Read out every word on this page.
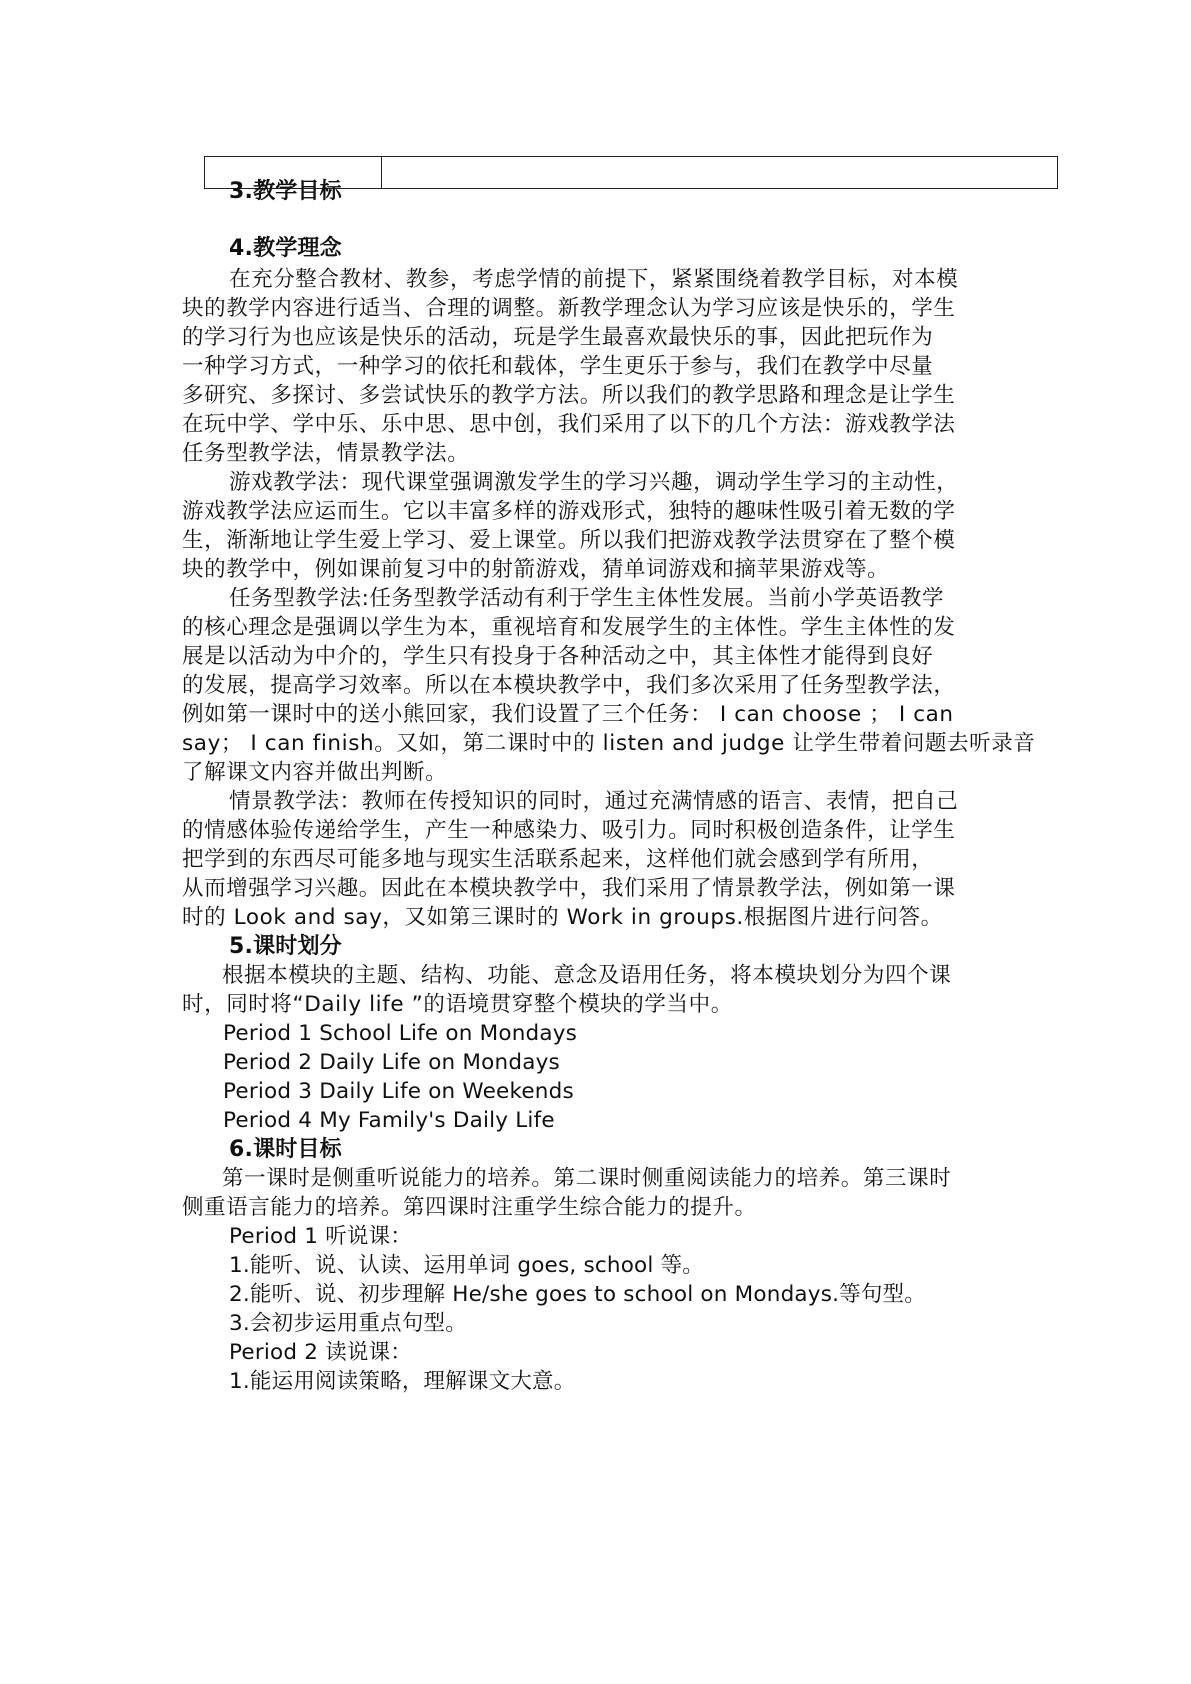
3.教学目标
4.教学理念
在充分整合教材、教参，考虑学情的前提下，紧紧围绕着教学目标，对本模
块的教学内容进行适当、合理的调整。新教学理念认为学习应该是快乐的，学生
的学习行为也应该是快乐的活动，玩是学生最喜欢最快乐的事，因此把玩作为
一种学习方式，一种学习的依托和载体，学生更乐于参与，我们在教学中尽量
多研究、多探讨、多尝试快乐的教学方法。所以我们的教学思路和理念是让学生
在玩中学、学中乐、乐中思、思中创，我们采用了以下的几个方法：游戏教学法
任务型教学法，情景教学法。
游戏教学法：现代课堂强调激发学生的学习兴趣，调动学生学习的主动性，
游戏教学法应运而生。它以丰富多样的游戏形式，独特的趣味性吸引着无数的学
生，渐渐地让学生爱上学习、爱上课堂。所以我们把游戏教学法贯穿在了整个模
块的教学中，例如课前复习中的射箭游戏，猜单词游戏和摘苹果游戏等。
任务型教学法:任务型教学活动有利于学生主体性发展。当前小学英语教学
的核心理念是强调以学生为本，重视培育和发展学生的主体性。学生主体性的发
展是以活动为中介的，学生只有投身于各种活动之中，其主体性才能得到良好
的发展，提高学习效率。所以在本模块教学中，我们多次采用了任务型教学法，
例如第一课时中的送小熊回家，我们设置了三个任务： I can choose ； I can
say； I can finish。又如，第二课时中的 listen and judge 让学生带着问题去听录音
了解课文内容并做出判断。
情景教学法：教师在传授知识的同时，通过充满情感的语言、表情，把自己
的情感体验传递给学生，产生一种感染力、吸引力。同时积极创造条件，让学生
把学到的东西尽可能多地与现实生活联系起来，这样他们就会感到学有所用，
从而增强学习兴趣。因此在本模块教学中，我们采用了情景教学法，例如第一课
时的 Look and say，又如第三课时的 Work in groups.根据图片进行问答。
5.课时划分
根据本模块的主题、结构、功能、意念及语用任务，将本模块划分为四个课
时，同时将“Daily life ”的语境贯穿整个模块的学当中。
Period 1 School Life on Mondays
Period 2 Daily Life on Mondays
Period 3 Daily Life on Weekends
Period 4 My Family's Daily Life
6.课时目标
第一课时是侧重听说能力的培养。第二课时侧重阅读能力的培养。第三课时
侧重语言能力的培养。第四课时注重学生综合能力的提升。
Period 1 听说课：
1.能听、说、认读、运用单词 goes, school 等。
2.能听、说、初步理解 He/she goes to school on Mondays.等句型。
3.会初步运用重点句型。
Period 2 读说课：
1.能运用阅读策略，理解课文大意。
